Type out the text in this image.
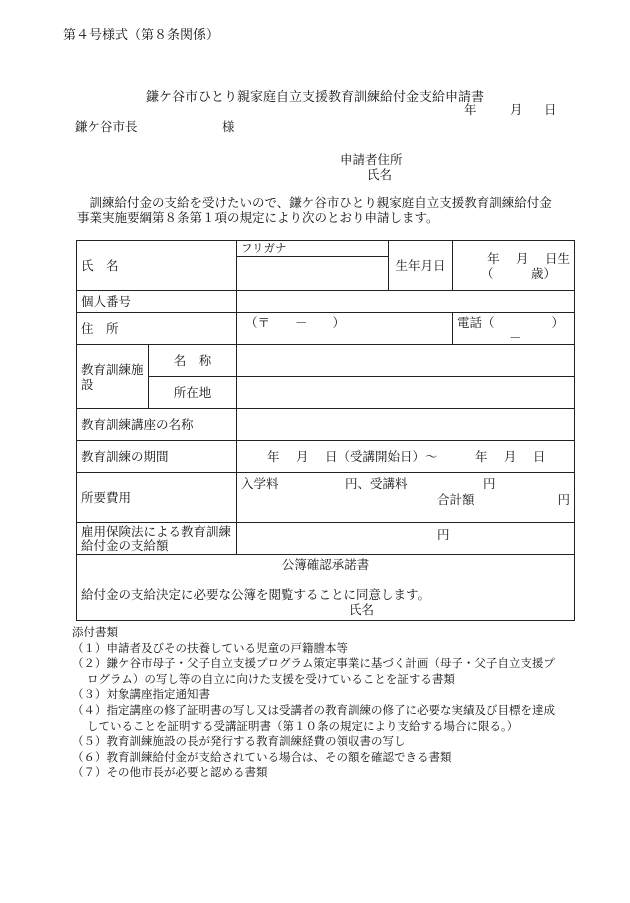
第４号様式（第８条関係）
鎌ケ谷市ひとり親家庭自立支援教育訓練給付金支給申請書
年	月 日
鎌ケ谷市長	様
申請者住所
氏名
訓練給付金の支給を受けたいので、鎌ケ谷市ひとり親家庭自立支援教育訓練給付金事業実施要綱第８条第１項の規定により次のとおり申請します。
氏　名		フリガナ	生年月日	年　 月　 日生
（　　　歳）

個人番号				
住　所		（〒　　－　　）		電話（ ）
－

教育訓練施設	名　称			
	所在地			
教育訓練講座の名称				
教育訓練の期間		年　 月　 日（受講開始日）～　　　年　 月　 日		
所要費用		入学料 円、受講料 円
合計額 円		

雇用保険法による教育訓練給付金の支給額		円		

公簿確認承諾書
給付金の支給決定に必要な公簿を閲覧することに同意します。
氏名				
添付書類
（１）申請者及びその扶養している児童の戸籍謄本等
（２）鎌ケ谷市母子・父子自立支援プログラム策定事業に基づく計画（母子・父子自立支援プ
ログラム）の写し等の自立に向けた支援を受けていることを証する書類
（３）対象講座指定通知書
（４）指定講座の修了証明書の写し又は受講者の教育訓練の修了に必要な実績及び目標を達成
していることを証明する受講証明書（第１０条の規定により支給する場合に限る。）
（５）教育訓練施設の長が発行する教育訓練経費の領収書の写し
（６）教育訓練給付金が支給されている場合は、その額を確認できる書類
（７）その他市長が必要と認める書類
